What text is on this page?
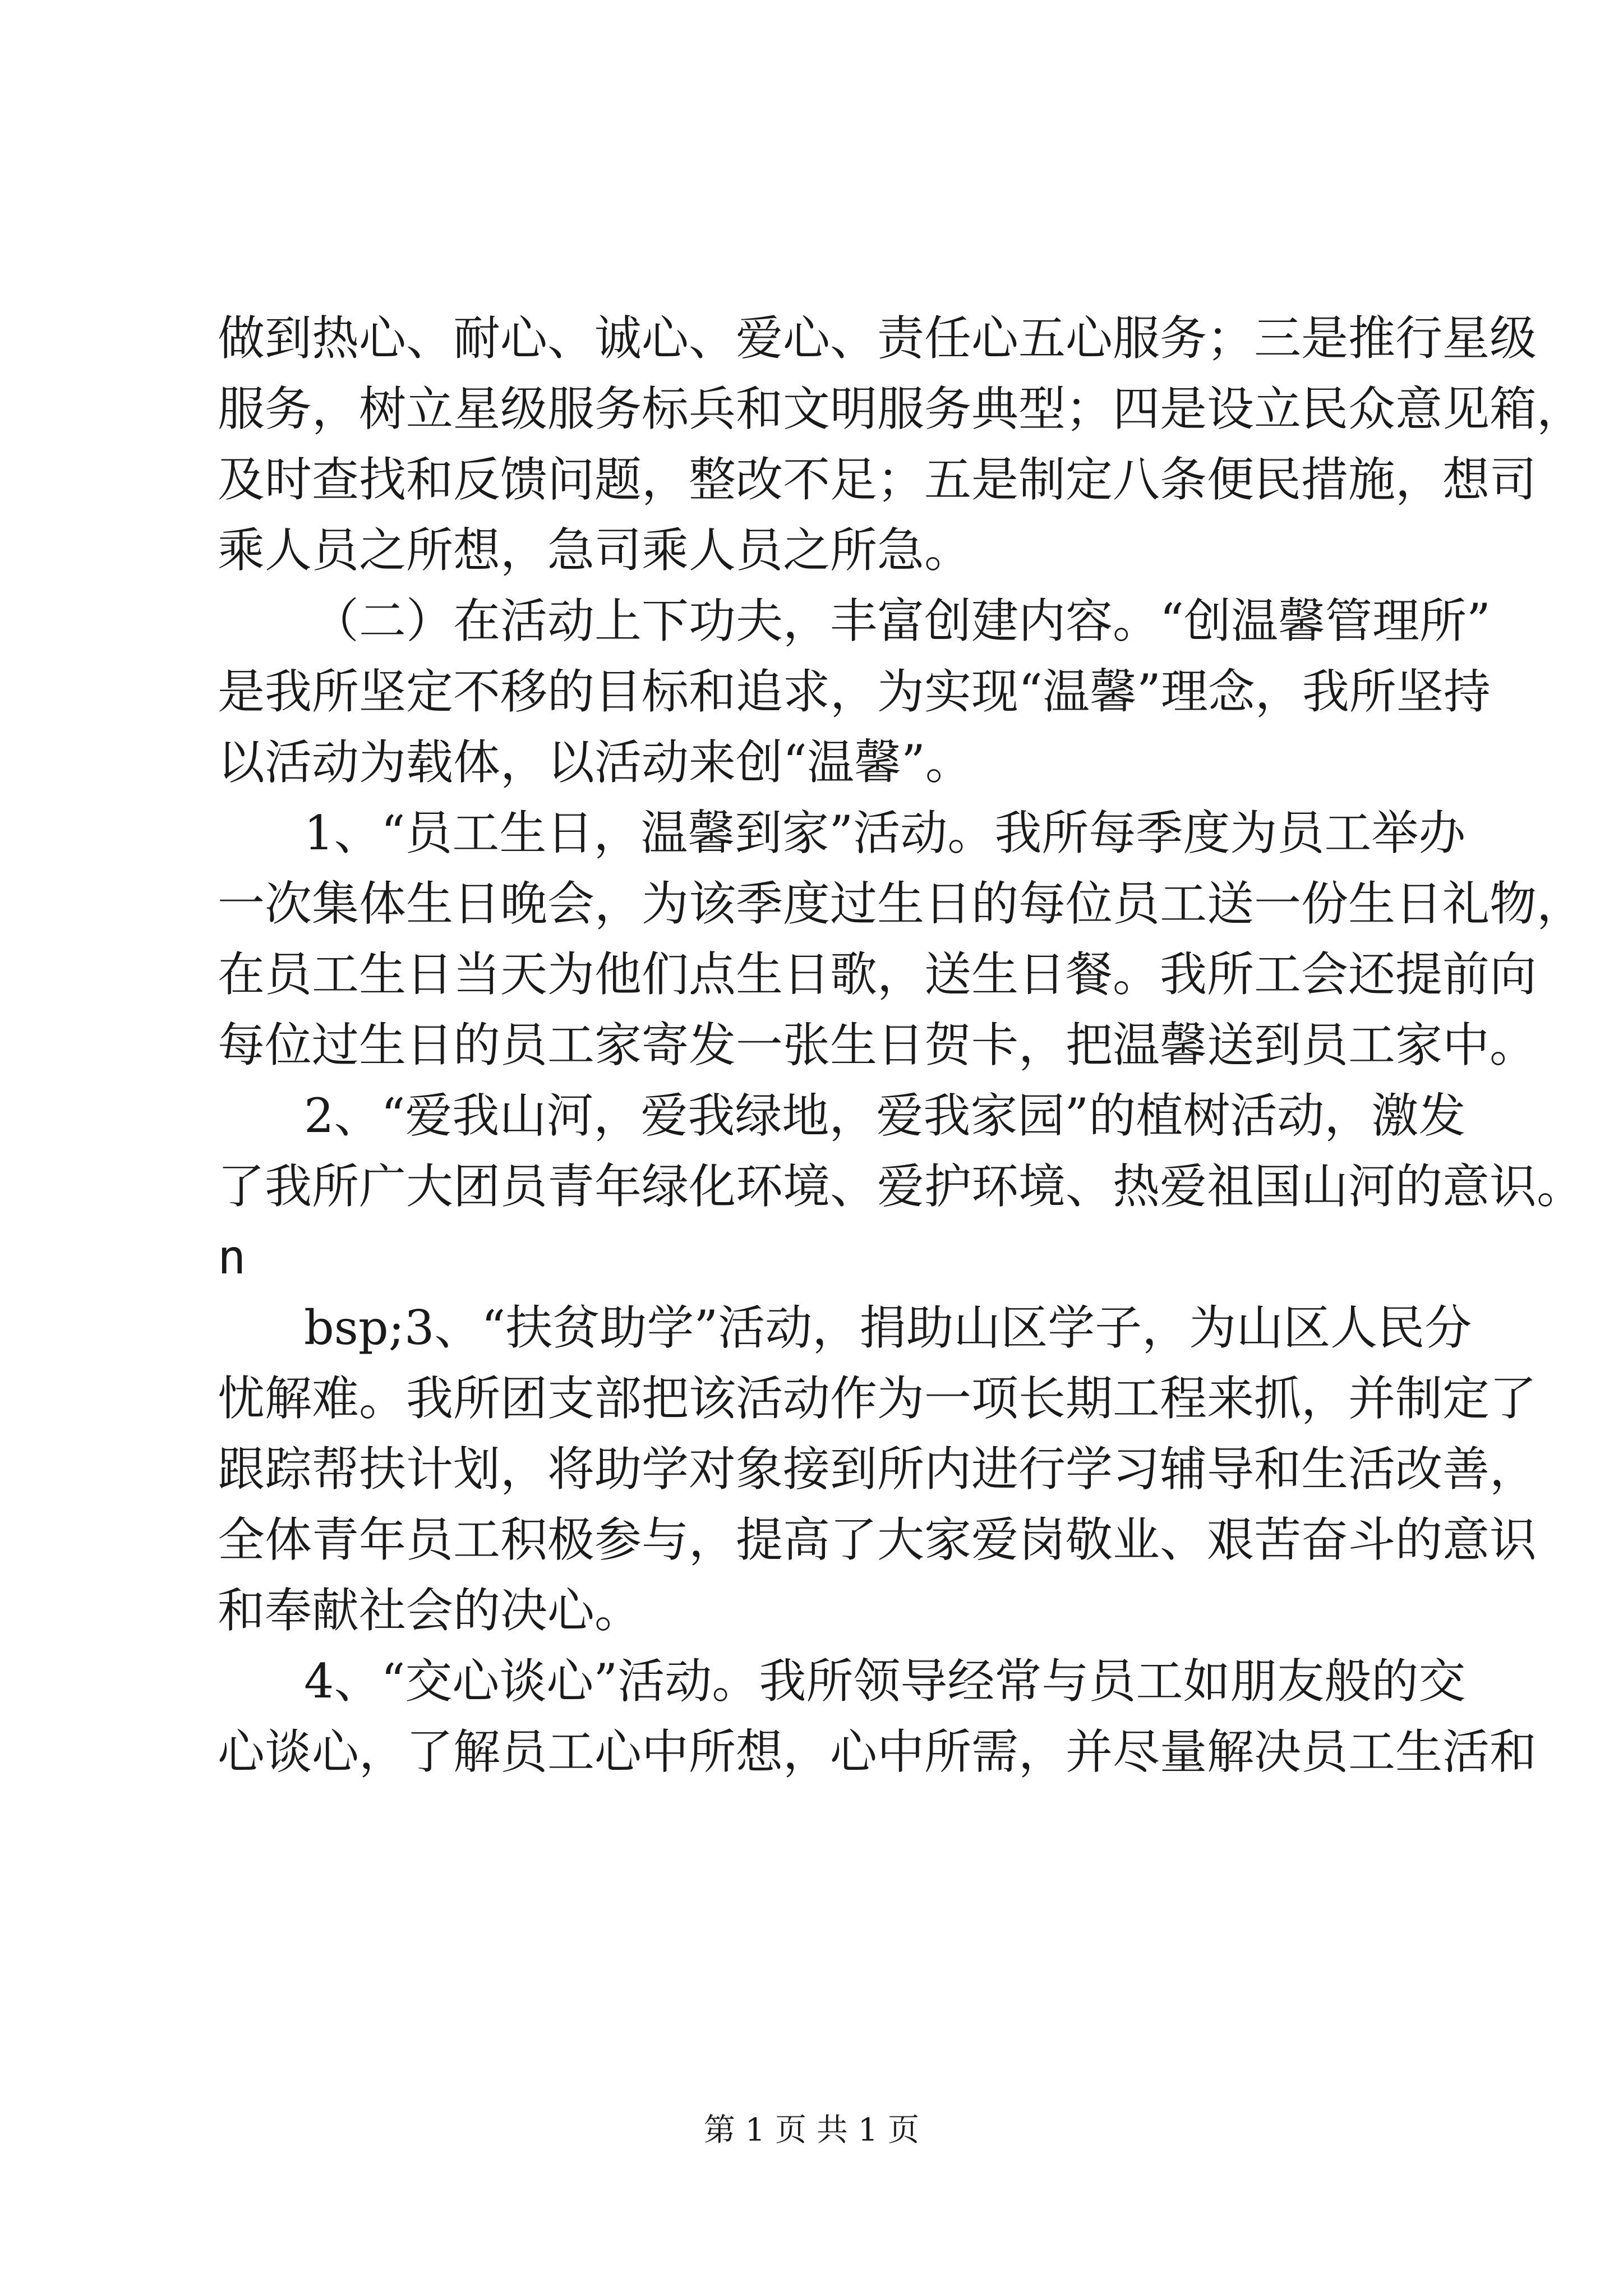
做到热心、耐心、诚心、爱心、责任心五心服务；三是推行星级
服务，树立星级服务标兵和文明服务典型；四是设立民众意见箱，
及时查找和反馈问题，整改不足；五是制定八条便民措施，想司
乘人员之所想，急司乘人员之所急。
（二）在活动上下功夫，丰富创建内容。“创温馨管理所”
是我所坚定不移的目标和追求，为实现“温馨”理念，我所坚持
以活动为载体，以活动来创“温馨”。
1、“员工生日，温馨到家”活动。我所每季度为员工举办
一次集体生日晚会，为该季度过生日的每位员工送一份生日礼物，
在员工生日当天为他们点生日歌，送生日餐。我所工会还提前向
每位过生日的员工家寄发一张生日贺卡，把温馨送到员工家中。
2、“爱我山河，爱我绿地，爱我家园”的植树活动，激发
了我所广大团员青年绿化环境、爱护环境、热爱祖国山河的意识。
n
bsp;3、“扶贫助学”活动，捐助山区学子，为山区人民分
忧解难。我所团支部把该活动作为一项长期工程来抓，并制定了
跟踪帮扶计划，将助学对象接到所内进行学习辅导和生活改善，
全体青年员工积极参与，提高了大家爱岗敬业、艰苦奋斗的意识
和奉献社会的决心。
4、“交心谈心”活动。我所领导经常与员工如朋友般的交
心谈心，了解员工心中所想，心中所需，并尽量解决员工生活和
第 1 页 共 1 页
